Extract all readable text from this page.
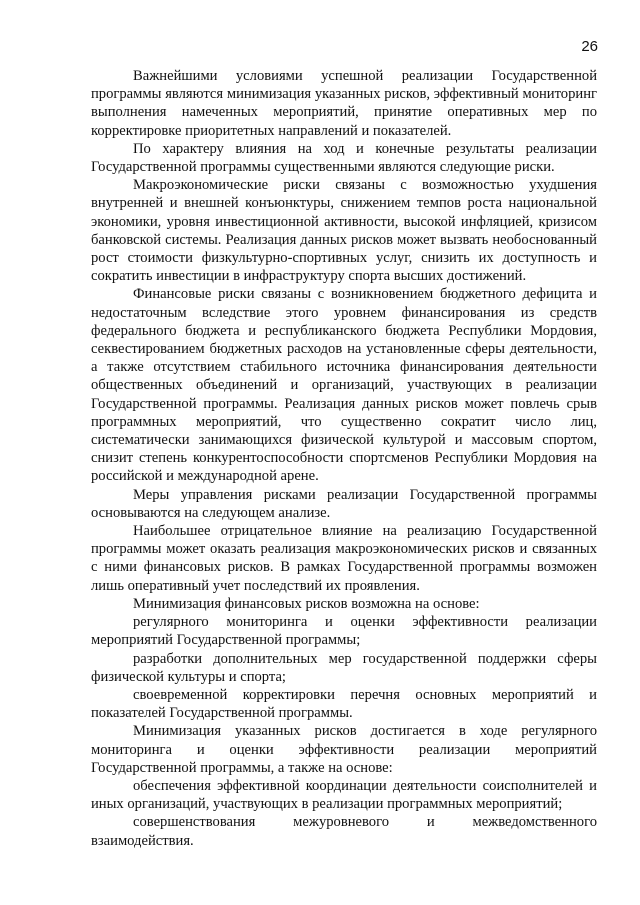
26

Важнейшими условиями успешной реализации Государственной программы являются минимизация указанных рисков, эффективный мониторинг выполнения намеченных мероприятий, принятие оперативных мер по корректировке приоритетных направлений и показателей.

По характеру влияния на ход и конечные результаты реализации Государственной программы существенными являются следующие риски.

Макроэкономические риски связаны с возможностью ухудшения внутренней и внешней конъюнктуры, снижением темпов роста национальной экономики, уровня инвестиционной активности, высокой инфляцией, кризисом банковской системы. Реализация данных рисков может вызвать необоснованный рост стоимости физкультурно-спортивных услуг, снизить их доступность и сократить инвестиции в инфраструктуру спорта высших достижений.

Финансовые риски связаны с возникновением бюджетного дефицита и недостаточным вследствие этого уровнем финансирования из средств федерального бюджета и республиканского бюджета Республики Мордовия, секвестированием бюджетных расходов на установленные сферы деятельности, а также отсутствием стабильного источника финансирования деятельности общественных объединений и организаций, участвующих в реализации Государственной программы. Реализация данных рисков может повлечь срыв программных мероприятий, что существенно сократит число лиц, систематически занимающихся физической культурой и массовым спортом, снизит степень конкурентоспособности спортсменов Республики Мордовия на российской и международной арене.

Меры управления рисками реализации Государственной программы основываются на следующем анализе.

Наибольшее отрицательное влияние на реализацию Государственной программы может оказать реализация макроэкономических рисков и связанных с ними финансовых рисков. В рамках Государственной программы возможен лишь оперативный учет последствий их проявления.

Минимизация финансовых рисков возможна на основе:

регулярного мониторинга и оценки эффективности реализации мероприятий Государственной программы;

разработки дополнительных мер государственной поддержки сферы физической культуры и спорта;

своевременной корректировки перечня основных мероприятий и показателей Государственной программы.

Минимизация указанных рисков достигается в ходе регулярного мониторинга и оценки эффективности реализации мероприятий Государственной программы, а также на основе:

обеспечения эффективной координации деятельности соисполнителей и иных организаций, участвующих в реализации программных мероприятий;

совершенствования межуровневого и межведомственного взаимодействия.
